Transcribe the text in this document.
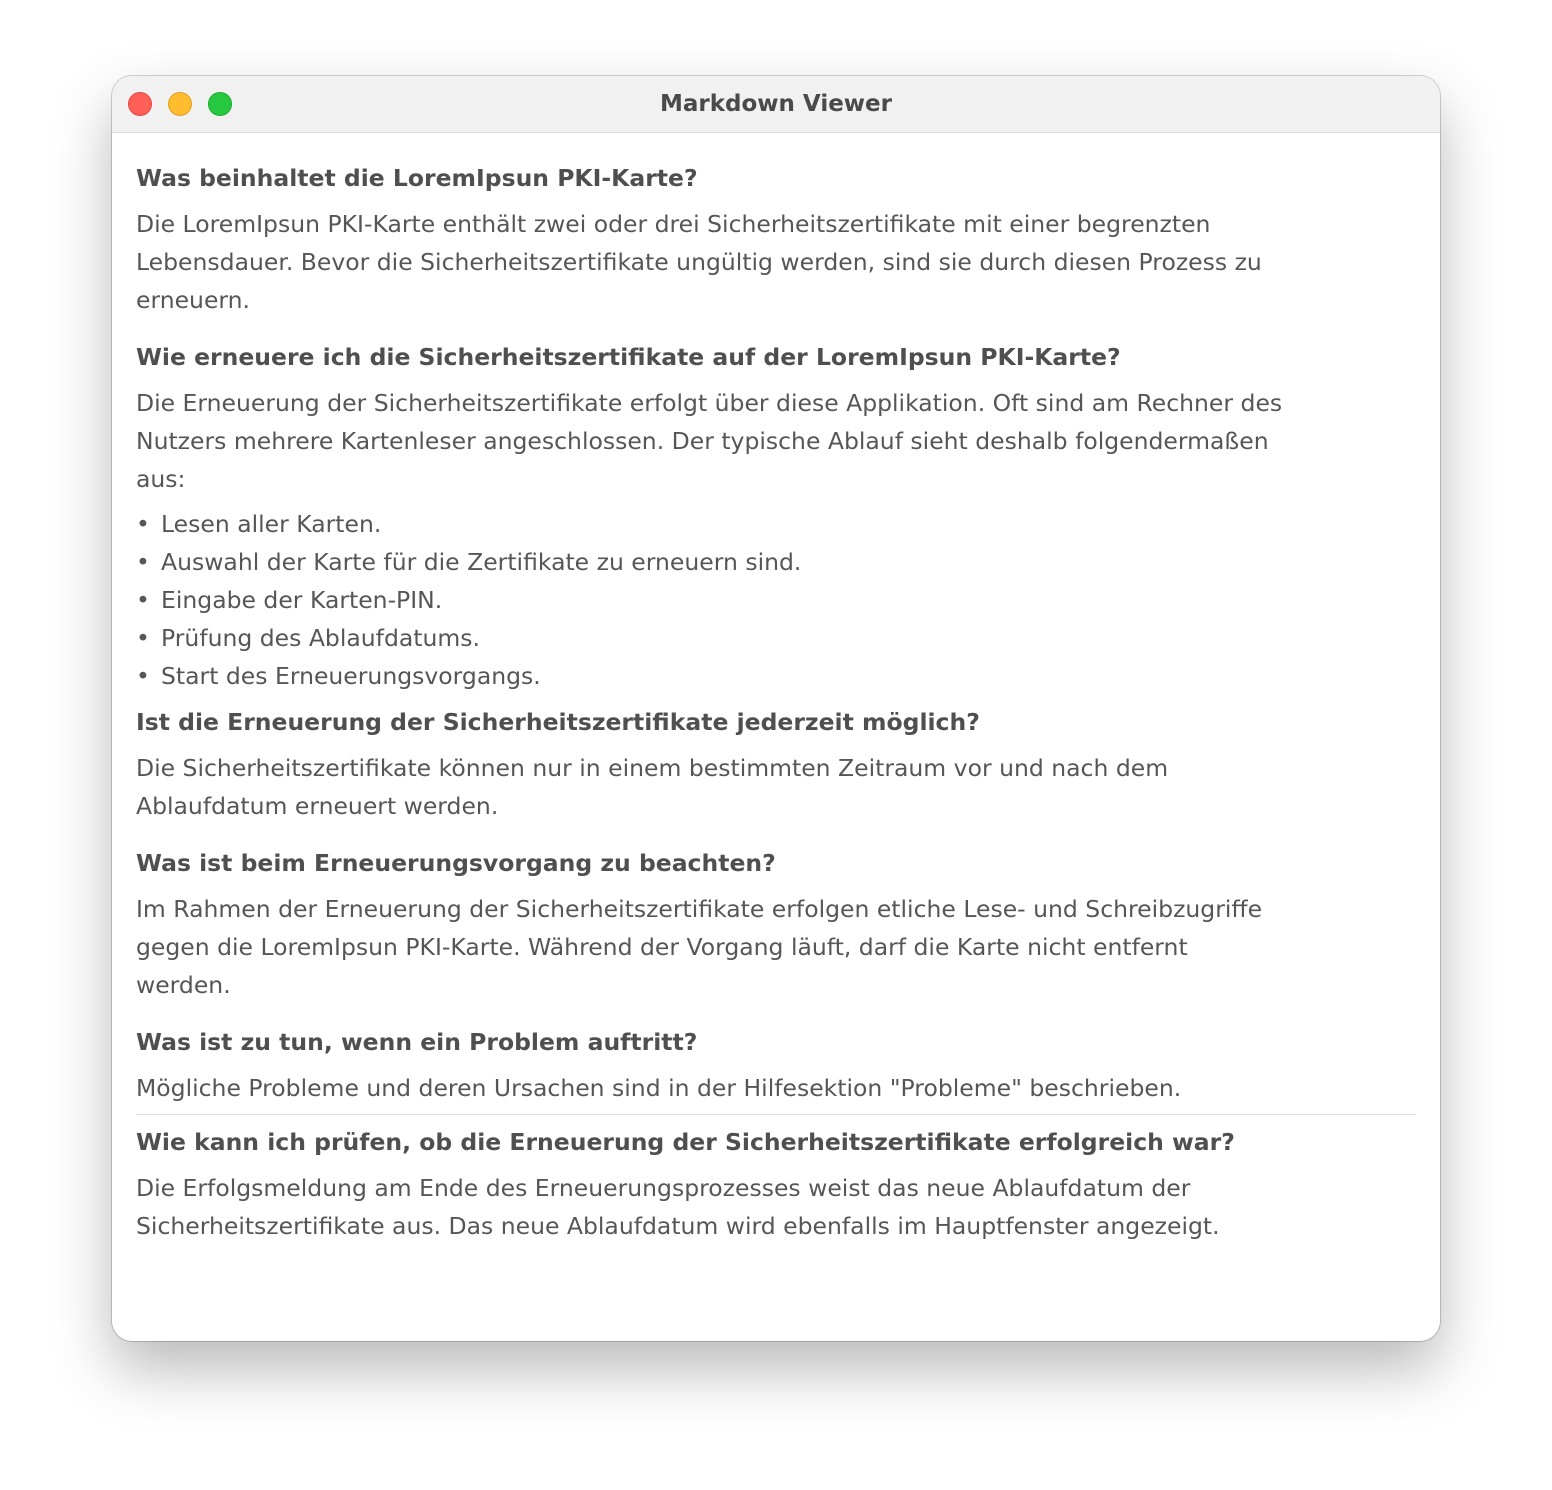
Markdown Viewer
Was beinhaltet die LoremIpsun PKI-Karte?
Die LoremIpsun PKI-Karte enthält zwei oder drei Sicherheitszertifikate mit einer begrenzten
Lebensdauer. Bevor die Sicherheitszertifikate ungültig werden, sind sie durch diesen Prozess zu
erneuern.
Wie erneuere ich die Sicherheitszertifikate auf der LoremIpsun PKI-Karte?
Die Erneuerung der Sicherheitszertifikate erfolgt über diese Applikation. Oft sind am Rechner des
Nutzers mehrere Kartenleser angeschlossen. Der typische Ablauf sieht deshalb folgendermaßen
aus:
• Lesen aller Karten.
• Auswahl der Karte für die Zertifikate zu erneuern sind.
• Eingabe der Karten-PIN.
• Prüfung des Ablaufdatums.
• Start des Erneuerungsvorgangs.
Ist die Erneuerung der Sicherheitszertifikate jederzeit möglich?
Die Sicherheitszertifikate können nur in einem bestimmten Zeitraum vor und nach dem
Ablaufdatum erneuert werden.
Was ist beim Erneuerungsvorgang zu beachten?
Im Rahmen der Erneuerung der Sicherheitszertifikate erfolgen etliche Lese- und Schreibzugriffe
gegen die LoremIpsun PKI-Karte. Während der Vorgang läuft, darf die Karte nicht entfernt
werden.
Was ist zu tun, wenn ein Problem auftritt?
Mögliche Probleme und deren Ursachen sind in der Hilfesektion "Probleme" beschrieben.
Wie kann ich prüfen, ob die Erneuerung der Sicherheitszertifikate erfolgreich war?
Die Erfolgsmeldung am Ende des Erneuerungsprozesses weist das neue Ablaufdatum der
Sicherheitszertifikate aus. Das neue Ablaufdatum wird ebenfalls im Hauptfenster angezeigt.
